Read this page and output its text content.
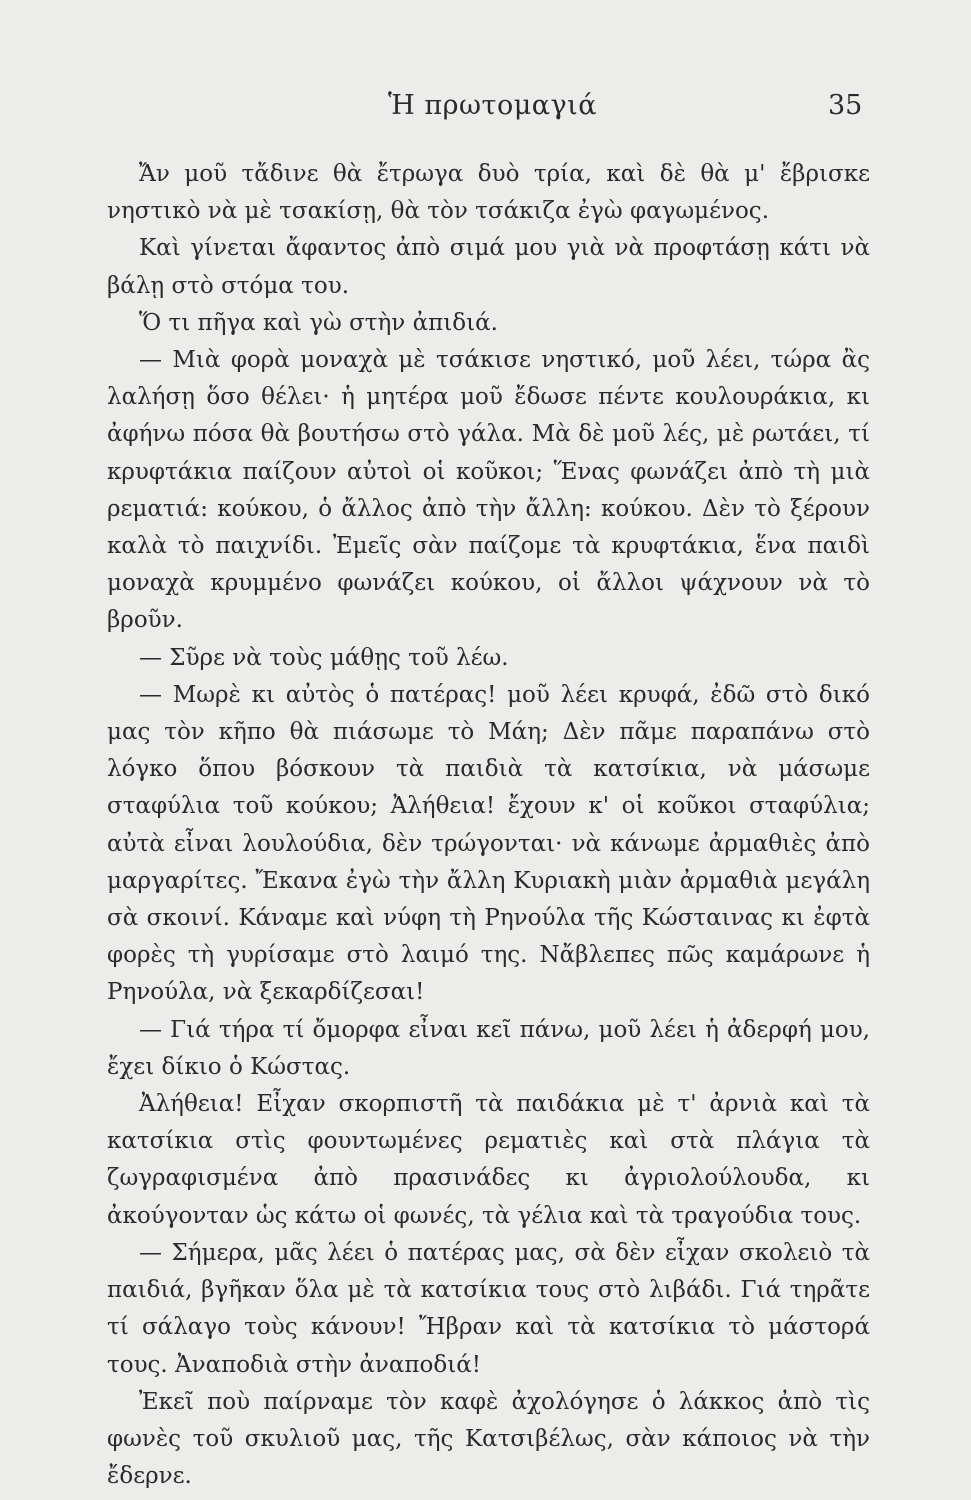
Ἡ πρωτομαγιά	35

Ἄν μοῦ τἄδινε θὰ ἔτρωγα δυὸ τρία, καὶ δὲ θὰ μ' ἔβρισκε νηστικὸ νὰ μὲ τσακίσῃ, θὰ τὸν τσάκιζα ἐγὼ φαγωμένος.

Καὶ γίνεται ἄφαντος ἀπὸ σιμά μου γιὰ νὰ προφτάσῃ κάτι νὰ βάλῃ στὸ στόμα του.

Ὅ τι πῆγα καὶ γὼ στὴν ἀπιδιά.

— Μιὰ φορὰ μοναχὰ μὲ τσάκισε νηστικό, μοῦ λέει, τώρα ἂς λαλήσῃ ὅσο θέλει· ἡ μητέρα μοῦ ἔδωσε πέντε κουλουράκια, κι ἀφήνω πόσα θὰ βουτήσω στὸ γάλα. Μὰ δὲ μοῦ λές, μὲ ρωτάει, τί κρυφτάκια παίζουν αὐτοὶ οἱ κοῦκοι; Ἕνας φωνάζει ἀπὸ τὴ μιὰ ρεματιά: κούκου, ὁ ἄλλος ἀπὸ τὴν ἄλλη: κούκου. Δὲν τὸ ξέρουν καλὰ τὸ παιχνίδι. Ἐμεῖς σὰν παίζομε τὰ κρυφτάκια, ἕνα παιδὶ μοναχὰ κρυμμένο φωνάζει κούκου, οἱ ἄλλοι ψάχνουν νὰ τὸ βροῦν.

— Σῦρε νὰ τοὺς μάθῃς τοῦ λέω.

— Μωρὲ κι αὐτὸς ὁ πατέρας! μοῦ λέει κρυφά, ἐδῶ στὸ δικό μας τὸν κῆπο θὰ πιάσωμε τὸ Μάη; Δὲν πᾶμε παραπάνω στὸ λόγκο ὅπου βόσκουν τὰ παιδιὰ τὰ κατσίκια, νὰ μάσωμε σταφύλια τοῦ κούκου; Ἀλήθεια! ἔχουν κ' οἱ κοῦκοι σταφύλια; αὐτὰ εἶναι λουλούδια, δὲν τρώγονται· νὰ κάνωμε ἀρμαθιὲς ἀπὸ μαργαρίτες. Ἔκανα ἐγὼ τὴν ἄλλη Κυριακὴ μιὰν ἀρμαθιὰ μεγάλη σὰ σκοινί. Κάναμε καὶ νύφη τὴ Ρηνούλα τῆς Κώσταινας κι ἐφτὰ φορὲς τὴ γυρίσαμε στὸ λαιμό της. Νἄβλεπες πῶς καμάρωνε ἡ Ρηνούλα, νὰ ξεκαρδίζεσαι!

— Γιά τήρα τί ὄμορφα εἶναι κεῖ πάνω, μοῦ λέει ἡ ἀδερφή μου, ἔχει δίκιο ὁ Κώστας.

Ἀλήθεια! Εἶχαν σκορπιστῆ τὰ παιδάκια μὲ τ' ἀρνιὰ καὶ τὰ κατσίκια στὶς φουντωμένες ρεματιὲς καὶ στὰ πλάγια τὰ ζωγραφισμένα ἀπὸ πρασινάδες κι ἀγριολούλουδα, κι ἀκούγονταν ὡς κάτω οἱ φωνές, τὰ γέλια καὶ τὰ τραγούδια τους.

— Σήμερα, μᾶς λέει ὁ πατέρας μας, σὰ δὲν εἶχαν σκολειὸ τὰ παιδιά, βγῆκαν ὅλα μὲ τὰ κατσίκια τους στὸ λιβάδι. Γιά τηρᾶτε τί σάλαγο τοὺς κάνουν! Ἤβραν καὶ τὰ κατσίκια τὸ μάστορά τους. Ἀναποδιὰ στὴν ἀναποδιά!

Ἐκεῖ ποὺ παίρναμε τὸν καφὲ ἀχολόγησε ὁ λάκκος ἀπὸ τὶς φωνὲς τοῦ σκυλιοῦ μας, τῆς Κατσιβέλως, σὰν κάποιος νὰ τὴν ἔδερνε.
